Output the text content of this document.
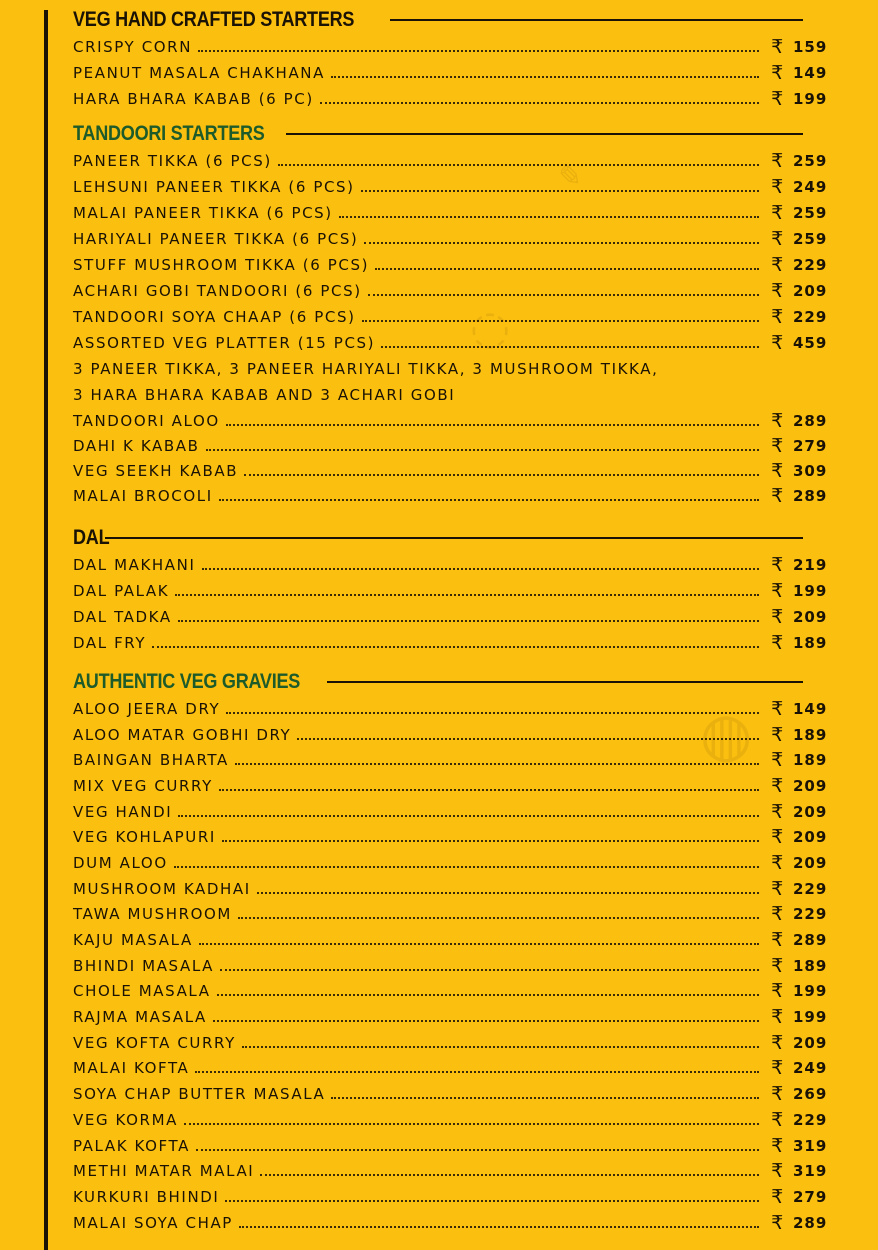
✎
◌
◍
VEG HAND CRAFTED STARTERS
CRISPY CORN	₹ 159
PEANUT MASALA CHAKHANA	₹ 149
HARA BHARA KABAB (6 PC)	₹ 199
TANDOORI STARTERS
PANEER TIKKA (6 PCS)	₹ 259
LEHSUNI PANEER TIKKA (6 PCS)	₹ 249
MALAI PANEER TIKKA (6 PCS)	₹ 259
HARIYALI PANEER TIKKA (6 PCS)	₹ 259
STUFF MUSHROOM TIKKA (6 PCS)	₹ 229
ACHARI GOBI TANDOORI (6 PCS)	₹ 209
TANDOORI SOYA CHAAP (6 PCS)	₹ 229
ASSORTED VEG PLATTER (15 PCS)	₹ 459
3 PANEER TIKKA, 3 PANEER HARIYALI TIKKA, 3 MUSHROOM TIKKA,
3 HARA BHARA KABAB AND 3 ACHARI GOBI
TANDOORI ALOO	₹ 289
DAHI K KABAB	₹ 279
VEG SEEKH KABAB	₹ 309
MALAI BROCOLI	₹ 289
DAL
DAL MAKHANI	₹ 219
DAL PALAK	₹ 199
DAL TADKA	₹ 209
DAL FRY	₹ 189
AUTHENTIC VEG GRAVIES
ALOO JEERA DRY	₹ 149
ALOO MATAR GOBHI DRY	₹ 189
BAINGAN BHARTA	₹ 189
MIX VEG CURRY	₹ 209
VEG HANDI	₹ 209
VEG KOHLAPURI	₹ 209
DUM ALOO	₹ 209
MUSHROOM KADHAI	₹ 229
TAWA MUSHROOM	₹ 229
KAJU MASALA	₹ 289
BHINDI MASALA	₹ 189
CHOLE MASALA	₹ 199
RAJMA MASALA	₹ 199
VEG KOFTA CURRY	₹ 209
MALAI KOFTA	₹ 249
SOYA CHAP BUTTER MASALA	₹ 269
VEG KORMA	₹ 229
PALAK KOFTA	₹ 319
METHI MATAR MALAI	₹ 319
KURKURI BHINDI	₹ 279
MALAI SOYA CHAP	₹ 289
